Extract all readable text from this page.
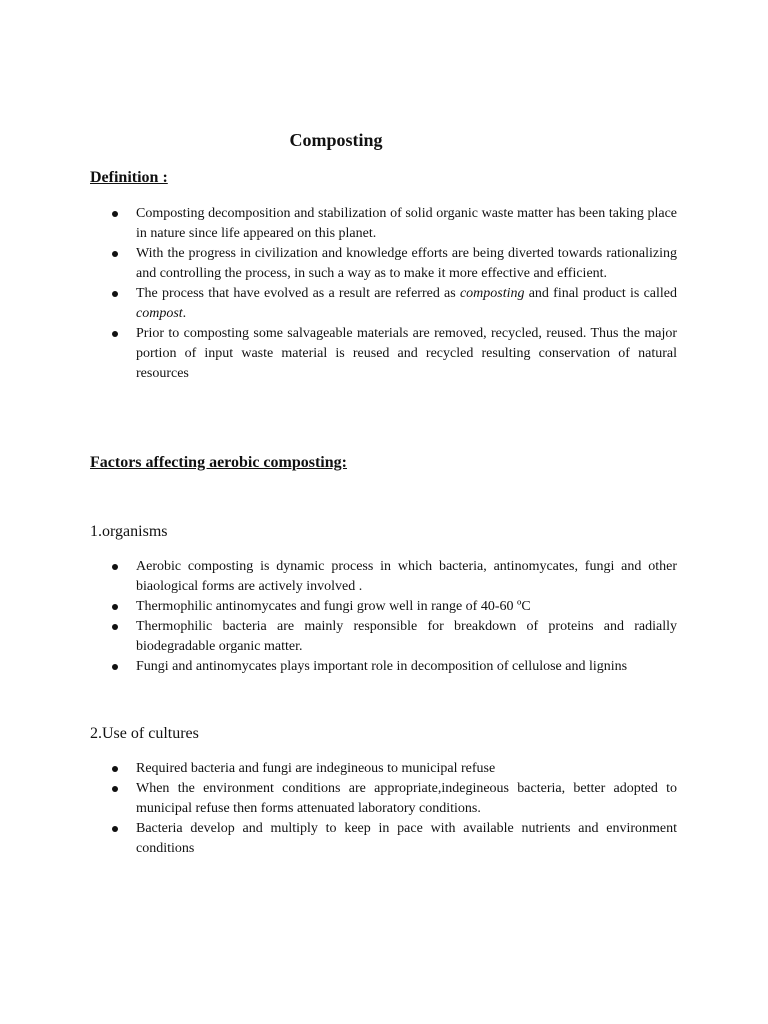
Composting
Definition :
Composting decomposition and stabilization of solid organic waste matter has been taking place in nature since life appeared on this planet.
With the progress in civilization and knowledge efforts are being diverted towards rationalizing and controlling the process, in such a way as to make it more effective and efficient.
The process that have evolved as a result are referred as composting and final product is called compost.
Prior to composting some salvageable materials are removed, recycled, reused. Thus the major portion of input waste material is reused and recycled resulting conservation of natural resources
Factors affecting aerobic composting:
1.organisms
Aerobic composting is dynamic process in which bacteria, antinomycates, fungi and other biaological forms are actively involved .
Thermophilic antinomycates and fungi grow well in range of 40-60 ºC
Thermophilic bacteria are mainly responsible for breakdown of proteins and radially biodegradable organic matter.
Fungi and antinomycates plays important role in decomposition of cellulose and lignins
2.Use of cultures
Required bacteria and fungi are indegineous to municipal refuse
When the environment conditions are appropriate,indegineous bacteria, better adopted to municipal refuse then forms attenuated laboratory conditions.
Bacteria develop and multiply to keep in pace with available nutrients and environment conditions
